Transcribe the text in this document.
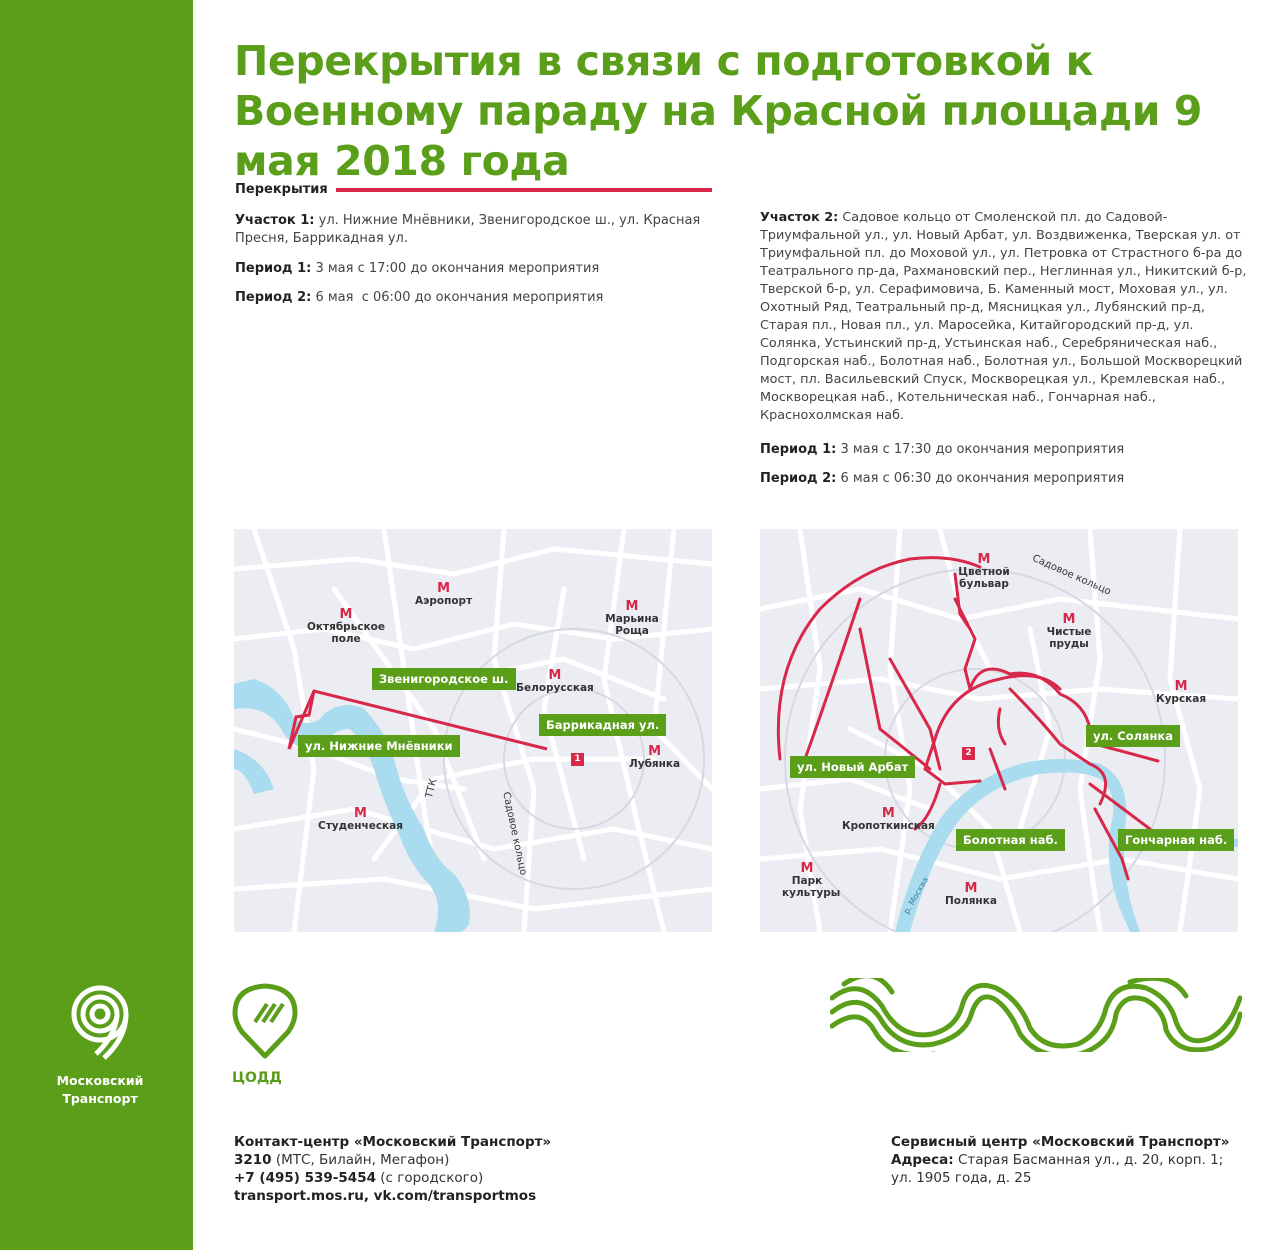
Московский
Транспорт
Перекрытия в связи с подготовкой к Военному параду на Красной площади 9 мая 2018 года
Перекрытия
Участок 1: ул. Нижние Мнёвники, Звенигородское ш., ул. Красная Пресня, Баррикадная ул.
Период 1: 3 мая с 17:00 до окончания мероприятия
Период 2: 6 мая  с 06:00 до окончания мероприятия
Участок 2: Садовое кольцо от Смоленской пл. до Садовой-Триумфальной ул., ул. Новый Арбат, ул. Воздвиженка, Тверская ул. от Триумфальной пл. до Моховой ул., ул. Петровка от Страстного б-ра до Театрального пр-да, Рахмановский пер., Неглинная ул., Никитский б-р, Тверской б-р, ул. Серафимовича, Б. Каменный мост, Моховая ул., ул. Охотный Ряд, Театральный пр-д, Мясницкая ул., Лубянский пр-д, Старая пл., Новая пл., ул. Маросейка, Китайгородский пр-д, ул. Солянка, Устьинский пр-д, Устьинская наб., Серебряническая наб., Подгорская наб., Болотная наб., Болотная ул., Большой Москворецкий мост, пл. Васильевский Спуск, Москворецкая ул., Кремлевская наб., Москворецкая наб., Котельническая наб., Гончарная наб., Краснохолмская наб.
Период 1: 3 мая с 17:30 до окончания мероприятия
Период 2: 6 мая с 06:30 до окончания мероприятия
М
Октябрьское поле
М
Аэропорт	М
Марьина Роща
М
Белорусская
М
Лубянка
М
Студенческая
Звенигородское ш.
Баррикадная ул.
ул. Нижние Мнёвники
1
ТТК
Садовое кольцо
М
Цветной бульвар
М
Чистые пруды
М
Курская
М
Кропоткинская
М
Парк культуры	М
Полянка
ул. Новый Арбат
ул. Солянка
Болотная наб.	Гончарная наб.
2
Садовое кольцо
р. Москва
ЦОДД
Контакт-центр «Московский Транспорт»
3210 (МТС, Билайн, Мегафон)
+7 (495) 539-5454 (с городского)
transport.mos.ru, vk.com/transportmos
Сервисный центр «Московский Транспорт»
Адреса: Старая Басманная ул., д. 20, корп. 1;
ул. 1905 года, д. 25
